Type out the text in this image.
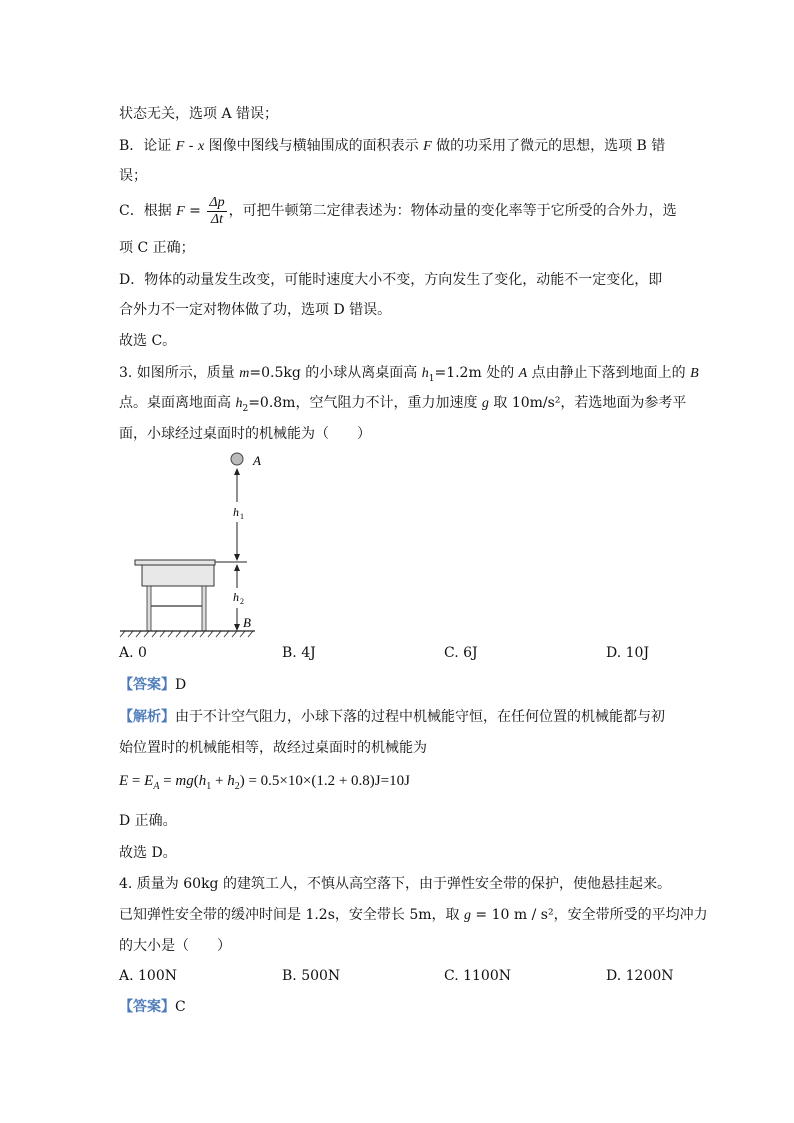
状态无关，选项 A 错误；
B．论证 F - x 图像中图线与横轴围成的面积表示 F 做的功采用了微元的思想，选项 B 错
误；
C．根据 $F = \frac{\Delta p}{\Delta t}$ ，可把牛顿第二定律表述为：物体动量的变化率等于它所受的合外力，选
项 C 正确；
D．物体的动量发生改变，可能时速度大小不变，方向发生了变化，动能不一定变化，即
合外力不一定对物体做了功，选项 D 错误。
故选 C。
3. 如图所示，质量 m=0.5kg 的小球从离桌面高 $h_1=1.2m$ 处的 A 点由静止下落到地面上的 B
点。桌面离地面高 $h_2=0.8m$，空气阻力不计，重力加速度 g 取 10m/s²，若选地面为参考平
面，小球经过桌面时的机械能为（　　）
A
h 1
h 2
B
A. 0	B. 4J	C. 6J	D. 10J
【答案】D
【解析】由于不计空气阻力，小球下落的过程中机械能守恒，在任何位置的机械能都与初
始位置时的机械能相等，故经过桌面时的机械能为
$E = E_A = mg(h_1 + h_2) = 0.5\times 10\times(1.2 + 0.8)J=10J$
D 正确。
故选 D。
4. 质量为 60kg 的建筑工人，不慎从高空落下，由于弹性安全带的保护，使他悬挂起来。
已知弹性安全带的缓冲时间是 1.2s，安全带长 5m，取 g = 10 m / s²，安全带所受的平均冲力
的大小是（　　）
A. 100N	B. 500N	C. 1100N	D. 1200N
【答案】C
